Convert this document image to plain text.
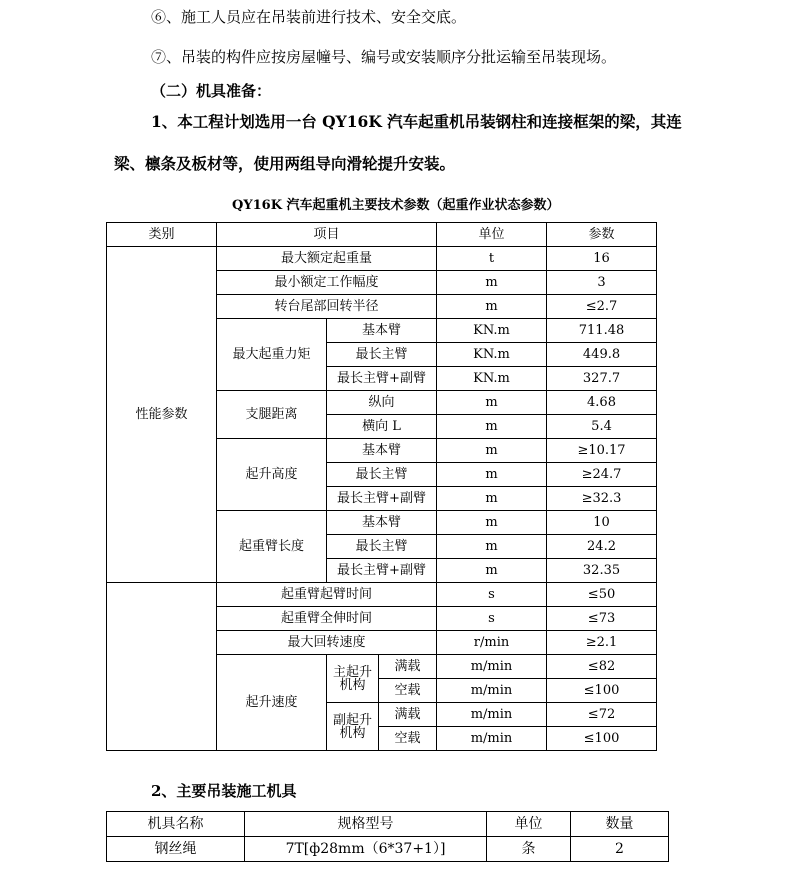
⑥、施工人员应在吊装前进行技术、安全交底。
⑦、吊装的构件应按房屋幢号、编号或安装顺序分批运输至吊装现场。
（二）机具准备：
1、本工程计划选用一台 QY16K 汽车起重机吊装钢柱和连接框架的梁，其连
梁、檩条及板材等，使用两组导向滑轮提升安装。
QY16K 汽车起重机主要技术参数（起重作业状态参数）
类别	项目			单位	参数
性能参数	最大额定起重量			t	16
	最小额定工作幅度			m	3
	转台尾部回转半径			m	≤2.7
	最大起重力矩	基本臂		KN.m	711.48
		最长主臂		KN.m	449.8
		最长主臂+副臂		KN.m	327.7
	支腿距离	纵向		m	4.68
		横向 L		m	5.4
	起升高度	基本臂		m	≥10.17
		最长主臂		m	≥24.7
		最长主臂+副臂		m	≥32.3
	起重臂长度	基本臂		m	10
		最长主臂		m	24.2
		最长主臂+副臂		m	32.35
	起重臂起臂时间			s	≤50
	起重臂全伸时间			s	≤73
	最大回转速度			r/min	≥2.1
	起升速度	主起升机构	满载	m/min	≤82
			空载	m/min	≤100
		副起升机构	满载	m/min	≤72
			空载	m/min	≤100
2、主要吊装施工机具
机具名称	规格型号	单位	数量
钢丝绳	7T[ф28mm（6*37+1）]	条	2
